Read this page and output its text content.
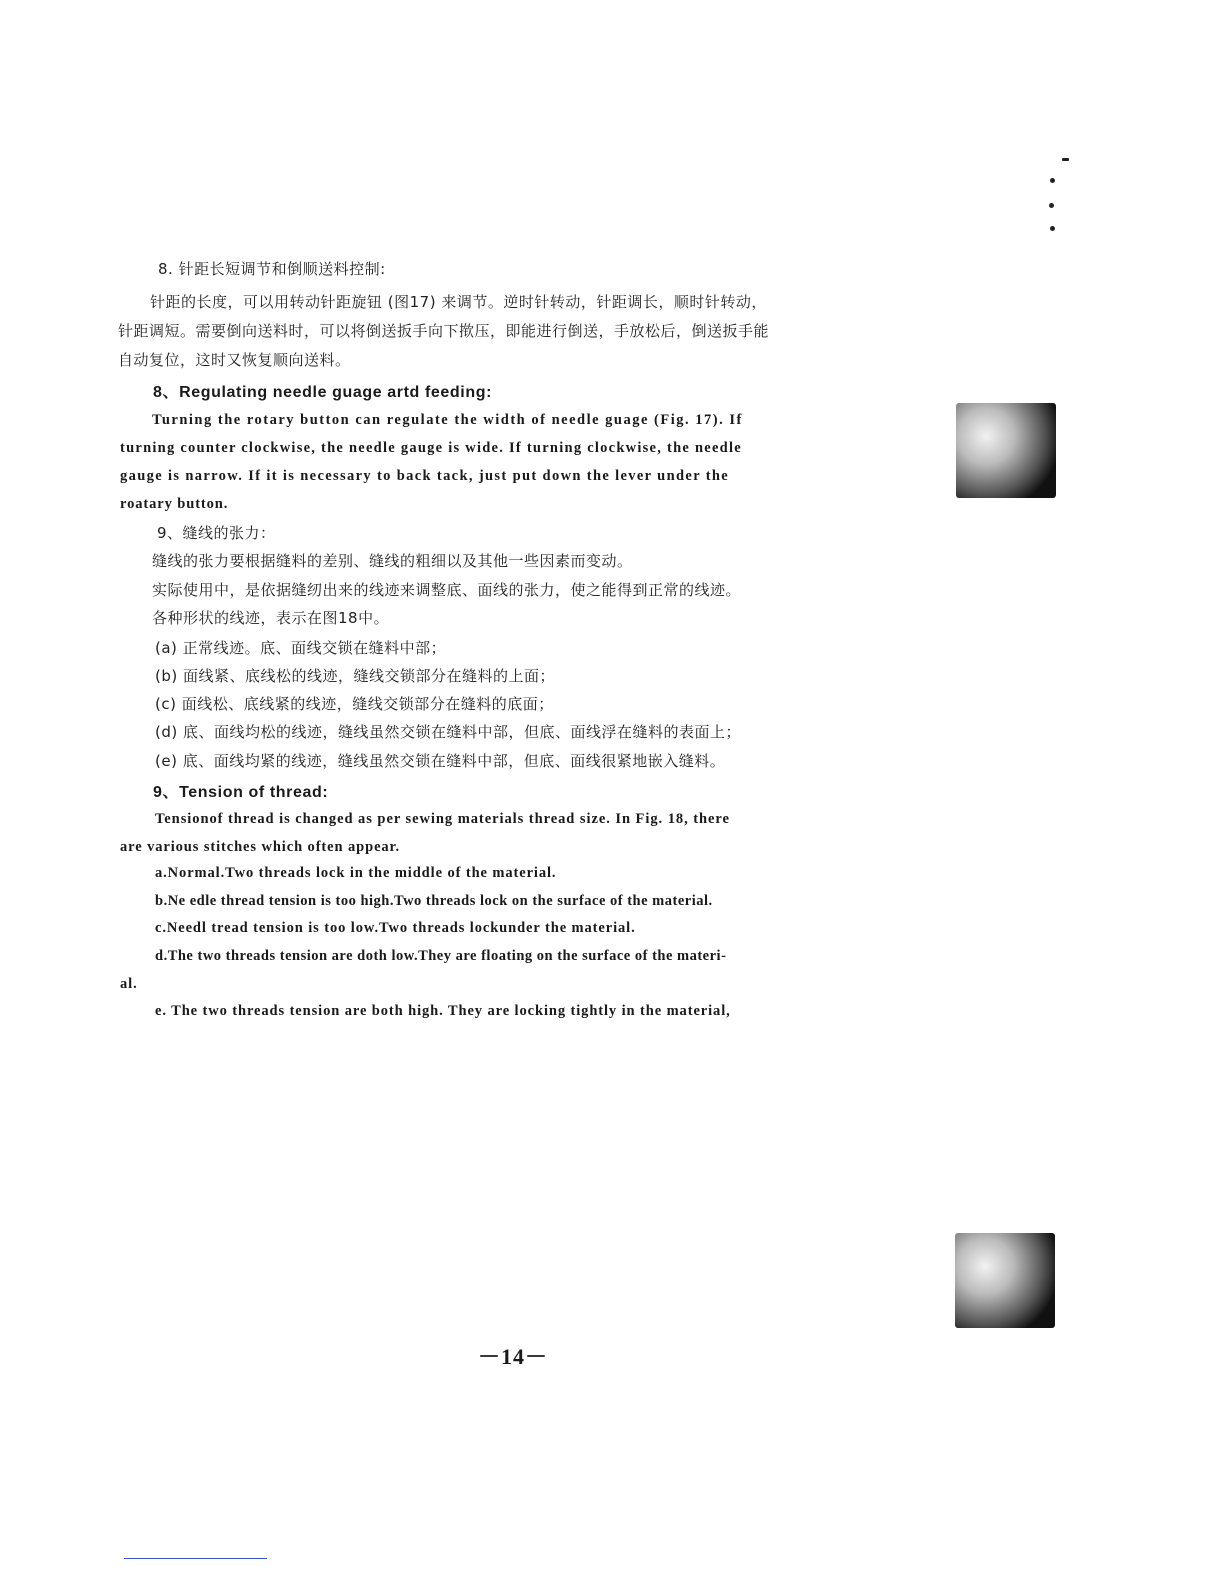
8. 针距长短调节和倒顺送料控制:
针距的长度，可以用转动针距旋钮 (图17) 来调节。逆时针转动，针距调长，顺时针转动，
针距调短。需要倒向送料时，可以将倒送扳手向下揿压，即能进行倒送，手放松后，倒送扳手能
自动复位，这时又恢复顺向送料。
8、Regulating needle guage artd feeding:
Turning the rotary button can regulate the width of needle guage (Fig. 17). If
turning counter clockwise, the needle gauge is wide. If turning clockwise, the needle
gauge is narrow. If it is necessary to back tack, just put down the lever under the
roatary button.
9、缝线的张力：
缝线的张力要根据缝料的差别、缝线的粗细以及其他一些因素而变动。
实际使用中，是依据缝纫出来的线迹来调整底、面线的张力，使之能得到正常的线迹。
各种形状的线迹，表示在图18中。
(a) 正常线迹。底、面线交锁在缝料中部；
(b) 面线紧、底线松的线迹，缝线交锁部分在缝料的上面；
(c) 面线松、底线紧的线迹，缝线交锁部分在缝料的底面；
(d) 底、面线均松的线迹，缝线虽然交锁在缝料中部，但底、面线浮在缝料的表面上；
(e) 底、面线均紧的线迹，缝线虽然交锁在缝料中部，但底、面线很紧地嵌入缝料。
9、Tension of thread:
Tensionof thread is changed as per sewing materials thread size. In Fig. 18, there
are various stitches which often appear.
a.Normal.Two threads lock in the middle of the material.
b.Ne edle thread tension is too high.Two threads lock on the surface of the material.
c.Needl tread tension is too low.Two threads lockunder the material.
d.The two threads tension are doth low.They are floating on the surface of the materi-
al.
e. The two threads tension are both high. They are locking tightly in the material,
－14－
